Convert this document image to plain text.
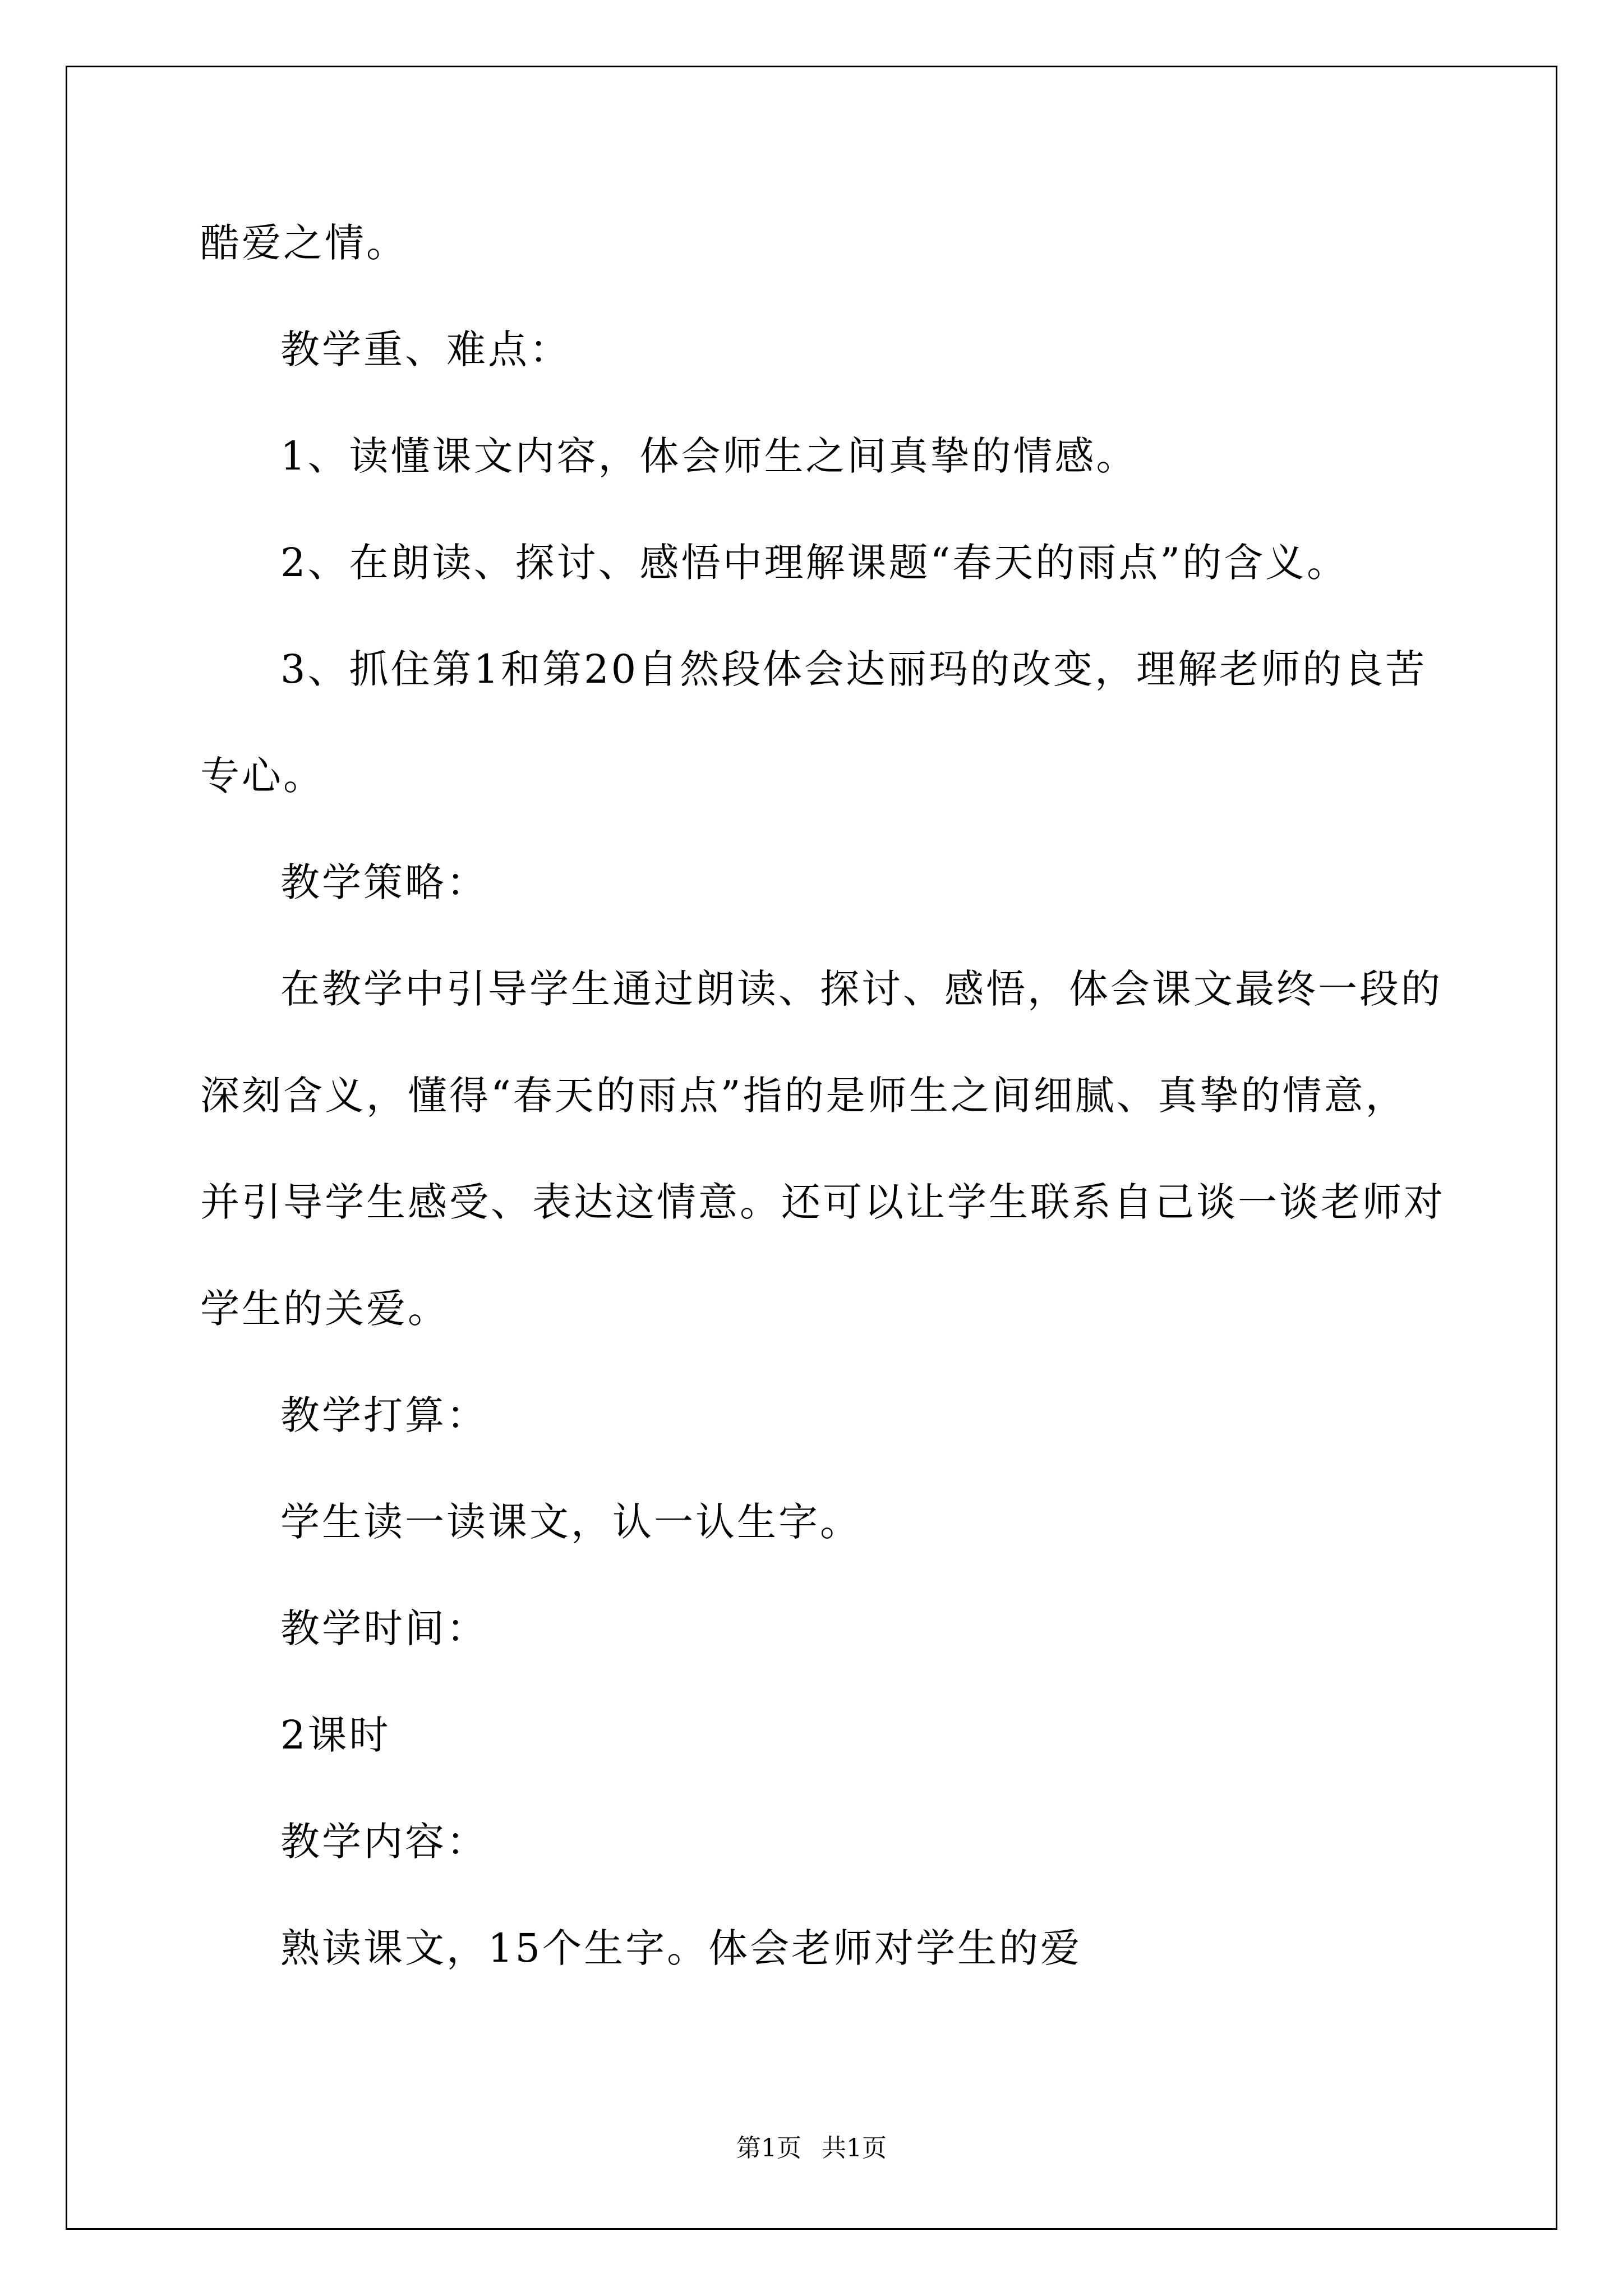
酷爱之情。
教学重、难点：
1、读懂课文内容，体会师生之间真挚的情感。
2、在朗读、探讨、感悟中理解课题“春天的雨点”的含义。
3、抓住第1和第20自然段体会达丽玛的改变，理解老师的良苦
专心。
教学策略：
在教学中引导学生通过朗读、探讨、感悟，体会课文最终一段的
深刻含义，懂得“春天的雨点”指的是师生之间细腻、真挚的情意，
并引导学生感受、表达这情意。还可以让学生联系自己谈一谈老师对
学生的关爱。
教学打算：
学生读一读课文，认一认生字。
教学时间：
2课时
教学内容：
熟读课文，15个生字。体会老师对学生的爱
第1页 共1页
